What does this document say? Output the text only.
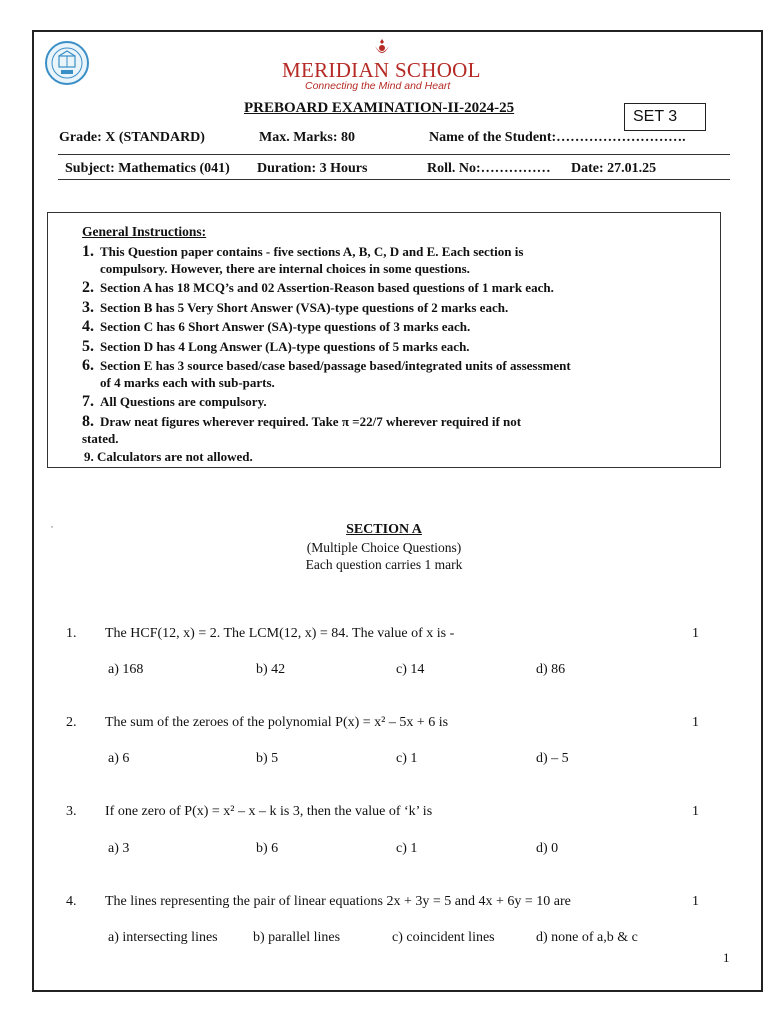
MERIDIAN SCHOOL
Connecting the Mind and Heart
PREBOARD EXAMINATION-II-2024-25	SET 3
Grade: X (STANDARD)	Max. Marks: 80	Name of the Student:……………………….
Subject: Mathematics (041) Duration: 3 Hours	Roll. No:…………… Date: 27.01.25
General Instructions:
1. This Question paper contains - five sections A, B, C, D and E. Each section is
compulsory. However, there are internal choices in some questions.
2. Section A has 18 MCQ’s and 02 Assertion-Reason based questions of 1 mark each.
3. Section B has 5 Very Short Answer (VSA)-type questions of 2 marks each.
4. Section C has 6 Short Answer (SA)-type questions of 3 marks each.
5. Section D has 4 Long Answer (LA)-type questions of 5 marks each.
6. Section E has 3 source based/case based/passage based/integrated units of assessment
of 4 marks each with sub-parts.
7. All Questions are compulsory.
8. Draw neat figures wherever required. Take π =22/7 wherever required if not
stated.
9. Calculators are not allowed.
,	SECTION A
(Multiple Choice Questions)
Each question carries 1 mark
1. The HCF(12, x) = 2. The LCM(12, x) = 84. The value of x is -	1
a) 168	b) 42	c) 14	d) 86
2. The sum of the zeroes of the polynomial P(x) = x² – 5x + 6 is	1
a) 6	b) 5	c) 1	d) – 5
3. If one zero of P(x) = x² – x – k is 3, then the value of ‘k’ is	1
a) 3	b) 6	c) 1	d) 0
4. The lines representing the pair of linear equations 2x + 3y = 5 and 4x + 6y = 10 are	1
a) intersecting lines	b) parallel lines	c) coincident lines	d) none of a,b & c
1
